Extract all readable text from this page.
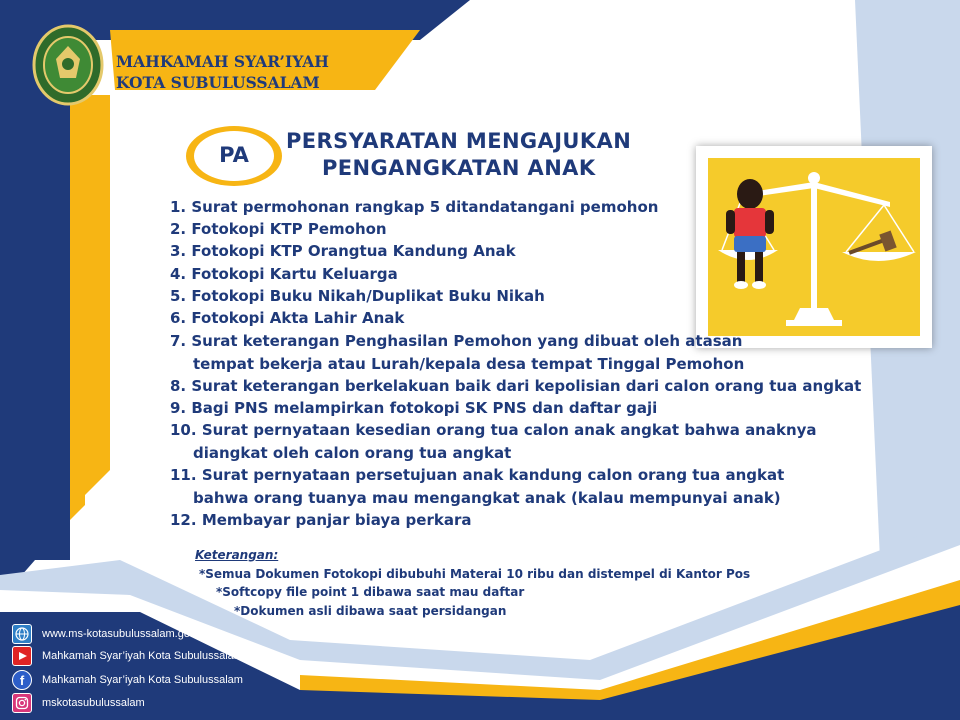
MAHKAMAH SYAR’IYAH
KOTA SUBULUSSALAM
PA
PERSYARATAN MENGAJUKAN
PENGANGKATAN ANAK
1. Surat permohonan rangkap 5 ditandatangani pemohon
2. Fotokopi KTP Pemohon
3. Fotokopi KTP Orangtua Kandung Anak
4. Fotokopi Kartu Keluarga
5. Fotokopi Buku Nikah/Duplikat Buku Nikah
6. Fotokopi Akta Lahir Anak
7. Surat keterangan Penghasilan Pemohon yang dibuat oleh atasan
tempat bekerja atau Lurah/kepala desa tempat Tinggal Pemohon
8. Surat keterangan berkelakuan baik dari kepolisian dari calon orang tua angkat
9. Bagi PNS melampirkan fotokopi SK PNS dan daftar gaji
10. Surat pernyataan kesedian orang tua calon anak angkat bahwa anaknya
diangkat oleh calon orang tua angkat
11. Surat pernyataan persetujuan anak kandung calon orang tua angkat
bahwa orang tuanya mau mengangkat anak (kalau mempunyai anak)
12. Membayar panjar biaya perkara
Keterangan:
*Semua Dokumen Fotokopi dibubuhi Materai 10 ribu dan distempel di Kantor Pos
*Softcopy file point 1 dibawa saat mau daftar
*Dokumen asli dibawa saat persidangan
www.ms-kotasubulussalam.go.id
Mahkamah Syar’iyah Kota Subulussalam
f Mahkamah Syar’iyah Kota Subulussalam
mskotasubulussalam
